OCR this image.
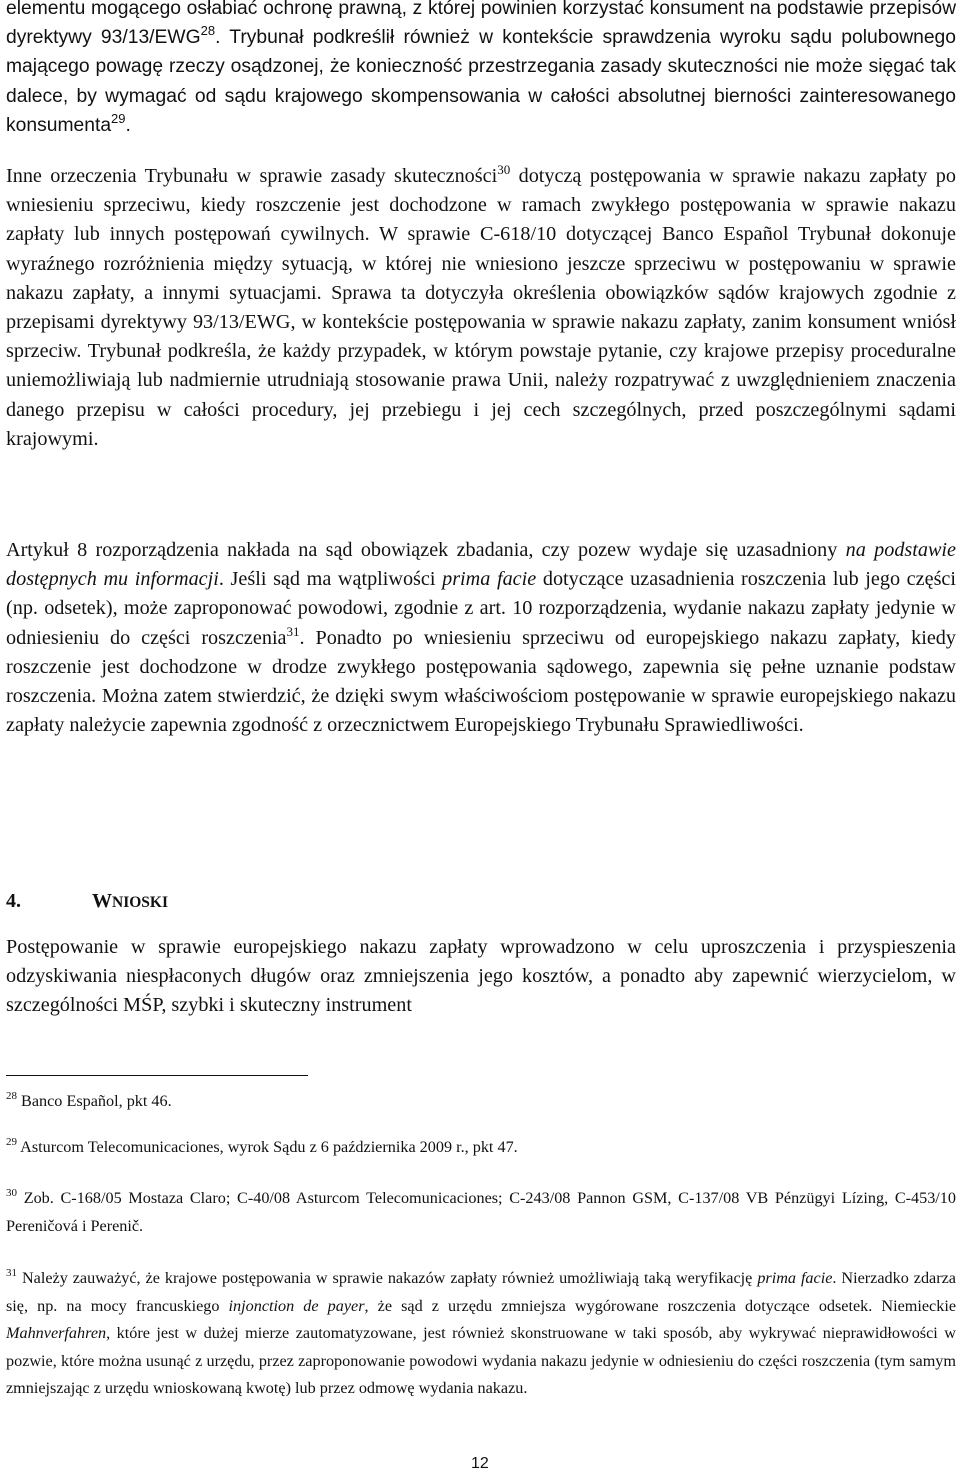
elementu mogącego osłabiać ochronę prawną, z której powinien korzystać konsument na podstawie przepisów dyrektywy 93/13/EWG$^{28}$. Trybunał podkreślił również w kontekście sprawdzenia wyroku sądu polubownego mającego powagę rzeczy osądzonej, że konieczność przestrzegania zasady skuteczności nie może sięgać tak dalece, by wymagać od sądu krajowego skompensowania w całości absolutnej bierności zainteresowanego konsumenta$^{29}$.

Inne orzeczenia Trybunału w sprawie zasady skuteczności$^{30}$ dotyczą postępowania w sprawie nakazu zapłaty po wniesieniu sprzeciwu, kiedy roszczenie jest dochodzone w ramach zwykłego postępowania w sprawie nakazu zapłaty lub innych postępowań cywilnych. W sprawie C-618/10 dotyczącej Banco Español Trybunał dokonuje wyraźnego rozróżnienia między sytuacją, w której nie wniesiono jeszcze sprzeciwu w postępowaniu w sprawie nakazu zapłaty, a innymi sytuacjami. Sprawa ta dotyczyła określenia obowiązków sądów krajowych zgodnie z przepisami dyrektywy 93/13/EWG, w kontekście postępowania w sprawie nakazu zapłaty, zanim konsument wniósł sprzeciw. Trybunał podkreśla, że każdy przypadek, w którym powstaje pytanie, czy krajowe przepisy proceduralne uniemożliwiają lub nadmiernie utrudniają stosowanie prawa Unii, należy rozpatrywać z uwzględnieniem znaczenia danego przepisu w całości procedury, jej przebiegu i jej cech szczególnych, przed poszczególnymi sądami krajowymi.

Artykuł 8 rozporządzenia nakłada na sąd obowiązek zbadania, czy pozew wydaje się uzasadniony na podstawie dostępnych mu informacji. Jeśli sąd ma wątpliwości prima facie dotyczące uzasadnienia roszczenia lub jego części (np. odsetek), może zaproponować powodowi, zgodnie z art. 10 rozporządzenia, wydanie nakazu zapłaty jedynie w odniesieniu do części roszczenia$^{31}$. Ponadto po wniesieniu sprzeciwu od europejskiego nakazu zapłaty, kiedy roszczenie jest dochodzone w drodze zwykłego postępowania sądowego, zapewnia się pełne uznanie podstaw roszczenia. Można zatem stwierdzić, że dzięki swym właściwościom postępowanie w sprawie europejskiego nakazu zapłaty należycie zapewnia zgodność z orzecznictwem Europejskiego Trybunału Sprawiedliwości.

4.	WNIOSKI

Postępowanie w sprawie europejskiego nakazu zapłaty wprowadzono w celu uproszczenia i przyspieszenia odzyskiwania niespłaconych długów oraz zmniejszenia jego kosztów, a ponadto aby zapewnić wierzycielom, w szczególności MŚP, szybki i skuteczny instrument

$^{28}$ Banco Español, pkt 46.

$^{29}$ Asturcom Telecomunicaciones, wyrok Sądu z 6 października 2009 r., pkt 47.

$^{30}$ Zob. C-168/05 Mostaza Claro; C-40/08 Asturcom Telecomunicaciones; C-243/08 Pannon GSM, C-137/08 VB Pénzügyi Lízing, C-453/10 Pereničová i Perenič.

$^{31}$ Należy zauważyć, że krajowe postępowania w sprawie nakazów zapłaty również umożliwiają taką weryfikację prima facie. Nierzadko zdarza się, np. na mocy francuskiego injonction de payer, że sąd z urzędu zmniejsza wygórowane roszczenia dotyczące odsetek. Niemieckie Mahnverfahren, które jest w dużej mierze zautomatyzowane, jest również skonstruowane w taki sposób, aby wykrywać nieprawidłowości w pozwie, które można usunąć z urzędu, przez zaproponowanie powodowi wydania nakazu jedynie w odniesieniu do części roszczenia (tym samym zmniejszając z urzędu wnioskowaną kwotę) lub przez odmowę wydania nakazu.

12
